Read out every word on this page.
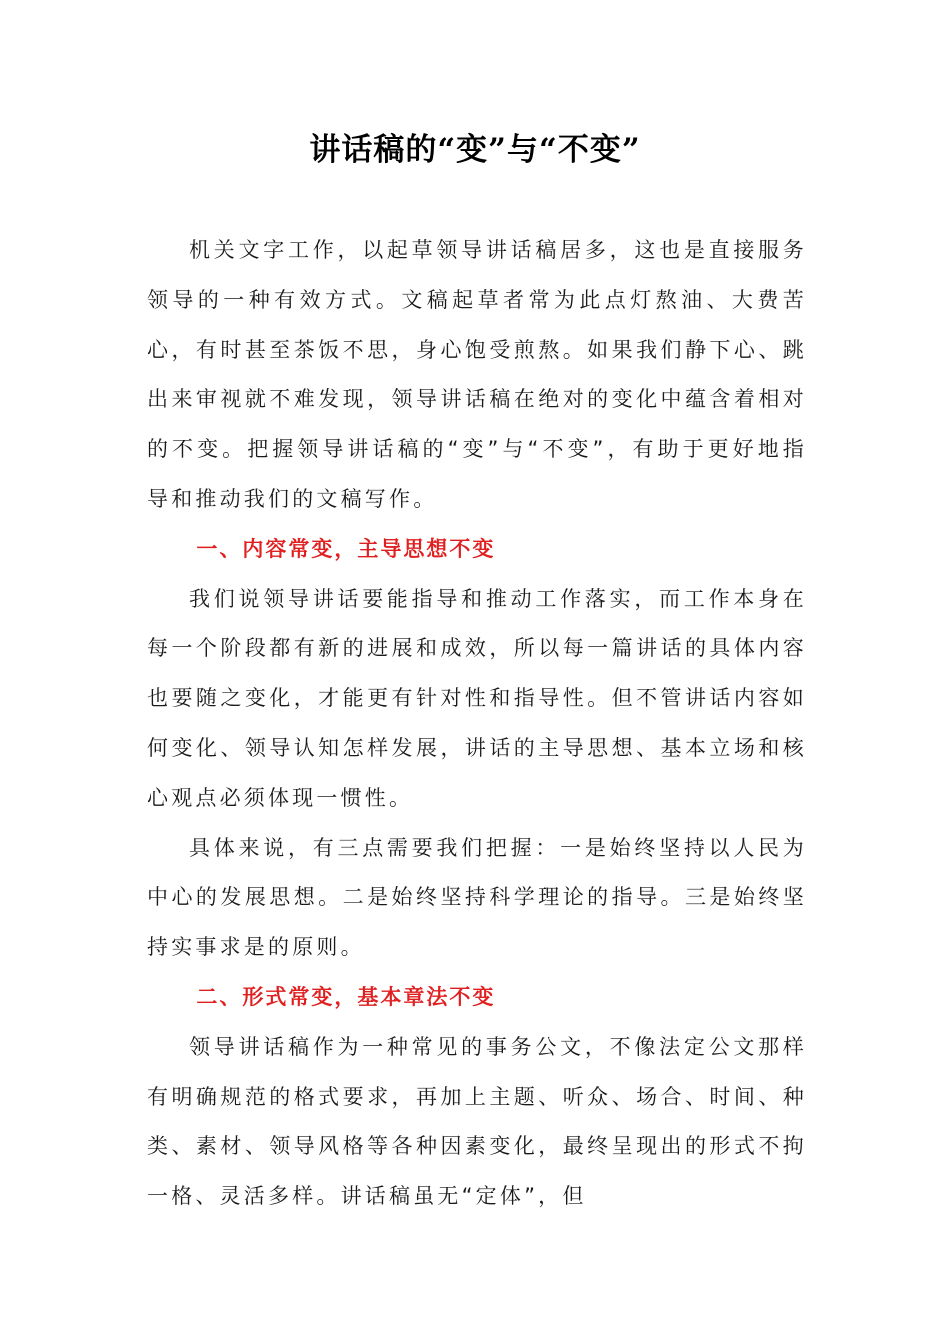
讲话稿的“变”与“不变”

机关文字工作，以起草领导讲话稿居多，这也是直接服务领导的一种有效方式。文稿起草者常为此点灯熬油、大费苦心，有时甚至茶饭不思，身心饱受煎熬。如果我们静下心、跳出来审视就不难发现，领导讲话稿在绝对的变化中蕴含着相对的不变。把握领导讲话稿的“变”与“不变”，有助于更好地指导和推动我们的文稿写作。

一、内容常变，主导思想不变

我们说领导讲话要能指导和推动工作落实，而工作本身在每一个阶段都有新的进展和成效，所以每一篇讲话的具体内容也要随之变化，才能更有针对性和指导性。但不管讲话内容如何变化、领导认知怎样发展，讲话的主导思想、基本立场和核心观点必须体现一惯性。

具体来说，有三点需要我们把握：一是始终坚持以人民为中心的发展思想。二是始终坚持科学理论的指导。三是始终坚持实事求是的原则。

二、形式常变，基本章法不变

领导讲话稿作为一种常见的事务公文，不像法定公文那样有明确规范的格式要求，再加上主题、听众、场合、时间、种类、素材、领导风格等各种因素变化，最终呈现出的形式不拘一格、灵活多样。讲话稿虽无“定体”，但
